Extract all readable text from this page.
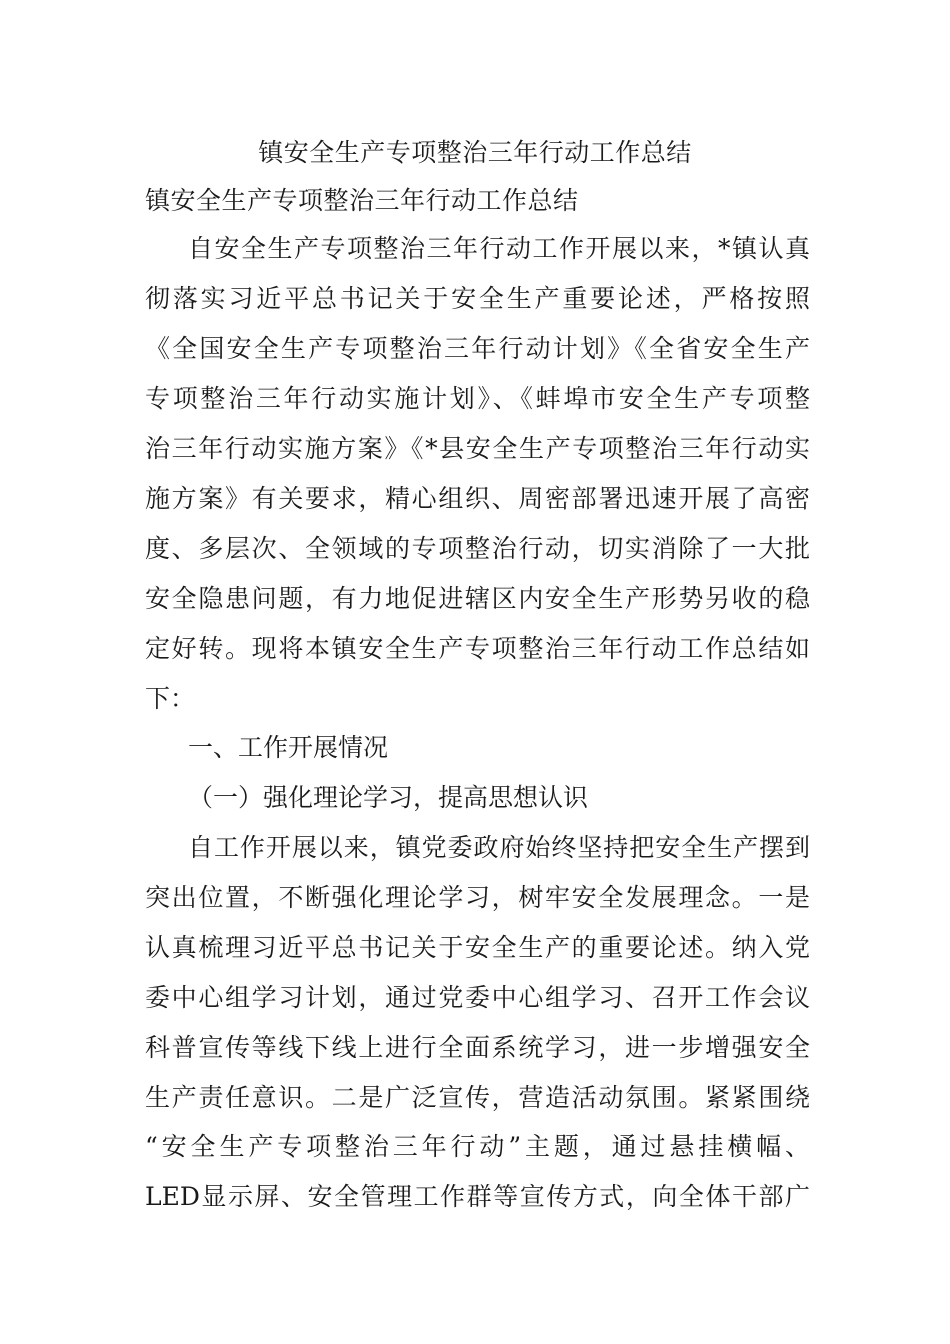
镇安全生产专项整治三年行动工作总结
镇安全生产专项整治三年行动工作总结
自安全生产专项整治三年行动工作开展以来，*镇认真
彻落实习近平总书记关于安全生产重要论述，严格按照
《全国安全生产专项整治三年行动计划》《全省安全生产
专项整治三年行动实施计划》、《蚌埠市安全生产专项整
治三年行动实施方案》《*县安全生产专项整治三年行动实
施方案》有关要求，精心组织、周密部署迅速开展了高密
度、多层次、全领域的专项整治行动，切实消除了一大批
安全隐患问题，有力地促进辖区内安全生产形势另收的稳
定好转。现将本镇安全生产专项整治三年行动工作总结如
下：
一、工作开展情况
（一）强化理论学习，提高思想认识
自工作开展以来，镇党委政府始终坚持把安全生产摆到
突出位置，不断强化理论学习，树牢安全发展理念。一是
认真梳理习近平总书记关于安全生产的重要论述。纳入党
委中心组学习计划，通过党委中心组学习、召开工作会议
科普宣传等线下线上进行全面系统学习，进一步增强安全
生产责任意识。二是广泛宣传，营造活动氛围。紧紧围绕
“安全生产专项整治三年行动”主题，通过悬挂横幅、
LED显示屏、安全管理工作群等宣传方式，向全体干部广
